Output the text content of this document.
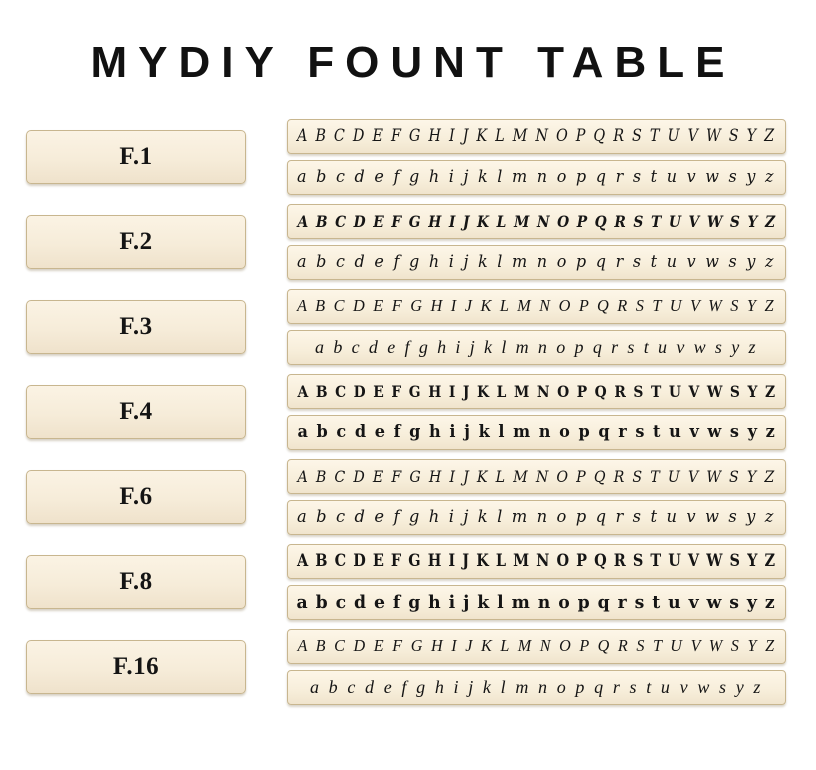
MYDIY FOUNT TABLE
F.1
A B C D E F G H I J K L M N O P Q R S T U V W S Y Z
a b c d e f g h i j k l m n o p q r s t u v w s y z
F.2
A B C D E F G H I J K L M N O P Q R S T U V W S Y Z
a b c d e f g h i j k l m n o p q r s t u v w s y z
F.3
A B C D E F G H I J K L M N O P Q R S T U V W S Y Z
a b c d e f g h i j k l m n o p q r s t u v w s y z
F.4
A B C D E F G H I J K L M N O P Q R S T U V W S Y Z
a b c d e f g h i j k l m n o p q r s t u v w s y z
F.6
A B C D E F G H I J K L M N O P Q R S T U V W S Y Z
a b c d e f g h i j k l m n o p q r s t u v w s y z
F.8
A B C D E F G H I J K L M N O P Q R S T U V W S Y Z
a b c d e f g h i j k l m n o p q r s t u v w s y z
F.16
A B C D E F G H I J K L M N O P Q R S T U V W S Y Z
a b c d e f g h i j k l m n o p q r s t u v w s y z
